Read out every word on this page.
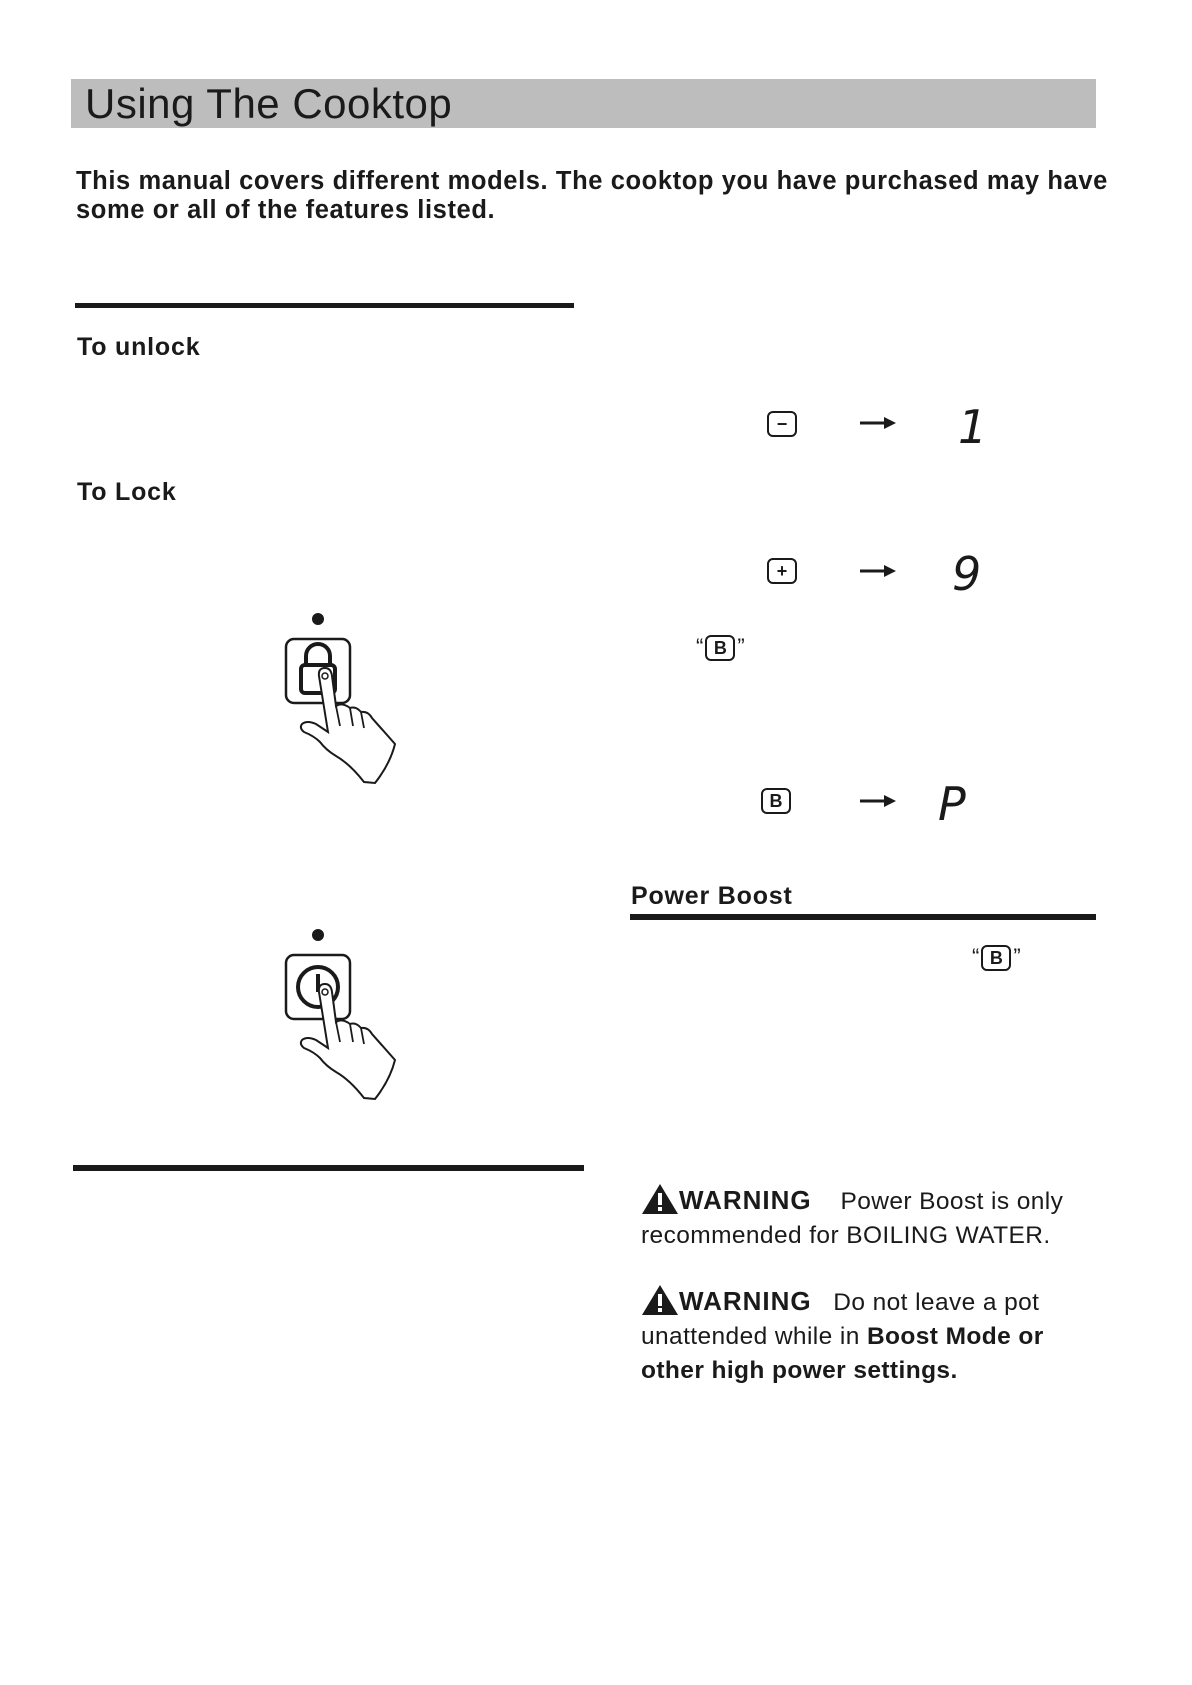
Using The Cooktop
This manual covers different models. The cooktop you have purchased may have some or all of the features listed.
To unlock
To Lock
−	1
+	9
“ B ”
B	P
Power Boost
“ B ”
WARNING Power Boost is only recommended for BOILING WATER.
WARNING Do not leave a pot unattended while in Boost Mode or other high power settings.
